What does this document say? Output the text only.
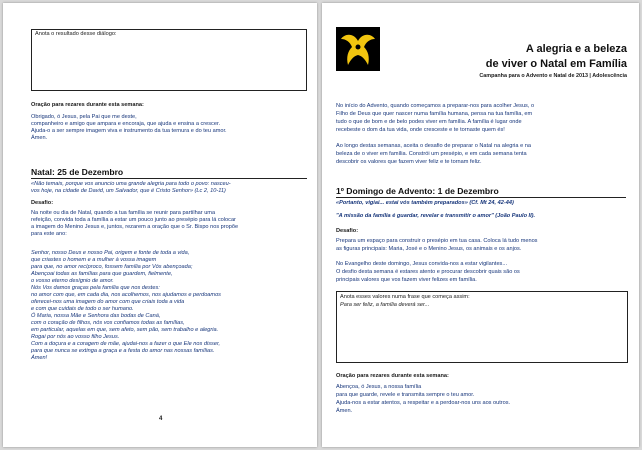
Anota o resultado desse diálogo:
Oração para rezares durante esta semana:
Obrigado, ó Jesus, pela Pai que me deste,
companheiro e amigo que ampara e encoraja, que ajuda e ensina a crescer.
Ajuda-o a ser sempre imagem viva e instrumento da tua ternura e do teu amor.
Ámen.
Natal: 25 de Dezembro
«Não temais, porque vos anuncio uma grande alegria para todo o povo: nasceu-
vos hoje, na cidade de David, um Salvador, que é Cristo Senhor» (Lc 2, 10-11)
Desafio:
Na noite ou dia de Natal, quando a tua família se reunir para partilhar uma
refeição, convida toda a família a estar um pouco junto ao presépio para lá colocar
a imagem do Menino Jesus e, juntos, rezarem a oração que o Sr. Bispo nos propõe
para este ano:
Senhor, nosso Deus e nosso Pai, origem e fonte de toda a vida,
que criastes o homem e a mulher à vossa imagem
para que, no amor recíproco, fossem família por Vós abençoada;
Abençoai todas as famílias para que guardem, fielmente,
o vosso eterno desígnio de amor.
Nós Vos damos graças pela família que nos destes:
no amor com que, em cada dia, nos acolhemos, nos ajudamos e perdoamos
oferecei-nos uma imagem do amor com que criais toda a vida
e com que cuidais de todo o ser humano.
Ó Maria, nossa Mãe e Senhora das bodas de Caná,
com o coração de filhos, nós vos confiamos todas as famílias,
em particular, aquelas em que, sem afeto, sem pão, sem trabalho e alegria.
Rogai por nós ao vosso filho Jesus.
Com a doçura e a coragem de mãe, ajudai-nos a fazer o que Ele nos disser,
para que nunca se extinga a graça e a festa do amor nas nossas famílias.
Ámen!
4
A alegria e a beleza
de viver o Natal em Família
Campanha para o Advento e Natal de 2013 | Adolescência
No início do Advento, quando começamos a preparar-nos para acolher Jesus, o
Filho de Deus que quer nascer numa família humana, pensa na tua família, em
tudo o que de bom e de belo podes viver em família. A família é lugar onde
recebeste o dom da tua vida, onde cresceste e te tornaste quem és!
Ao longo destas semanas, aceita o desafio de preparar o Natal na alegria e na
beleza de o viver em família. Constrói um presépio, e em cada semana tenta
descobrir os valores que fazem viver feliz e te tornam feliz.
1º Domingo de Advento: 1 de Dezembro
«Portanto, vigiai... estai vós também preparados» (Cf. Mt 24, 42-44)
"A missão da família é guardar, revelar e transmitir o amor" (João Paulo II).
Desafio:
Prepara um espaço para construir o presépio em tua casa. Coloca lá tudo menos
as figuras principais: Maria, José e o Menino Jesus, os animais e os anjos.
No Evangelho deste domingo, Jesus convida-nos a estar vigilantes...
O desfio desta semana é estares atento e procurar descobrir quais são os
principais valores que vos fazem viver felizes em família.
Anota esses valores numa frase que começa assim:
Para ser feliz, a família deverá ser...
Oração para rezares durante esta semana:
Abençoa, ó Jesus, a nossa família
para que guarde, revele e transmita sempre o teu amor.
Ajuda-nos a estar atentos, a respeitar e a perdoar-nos uns aos outros.
Ámen.
